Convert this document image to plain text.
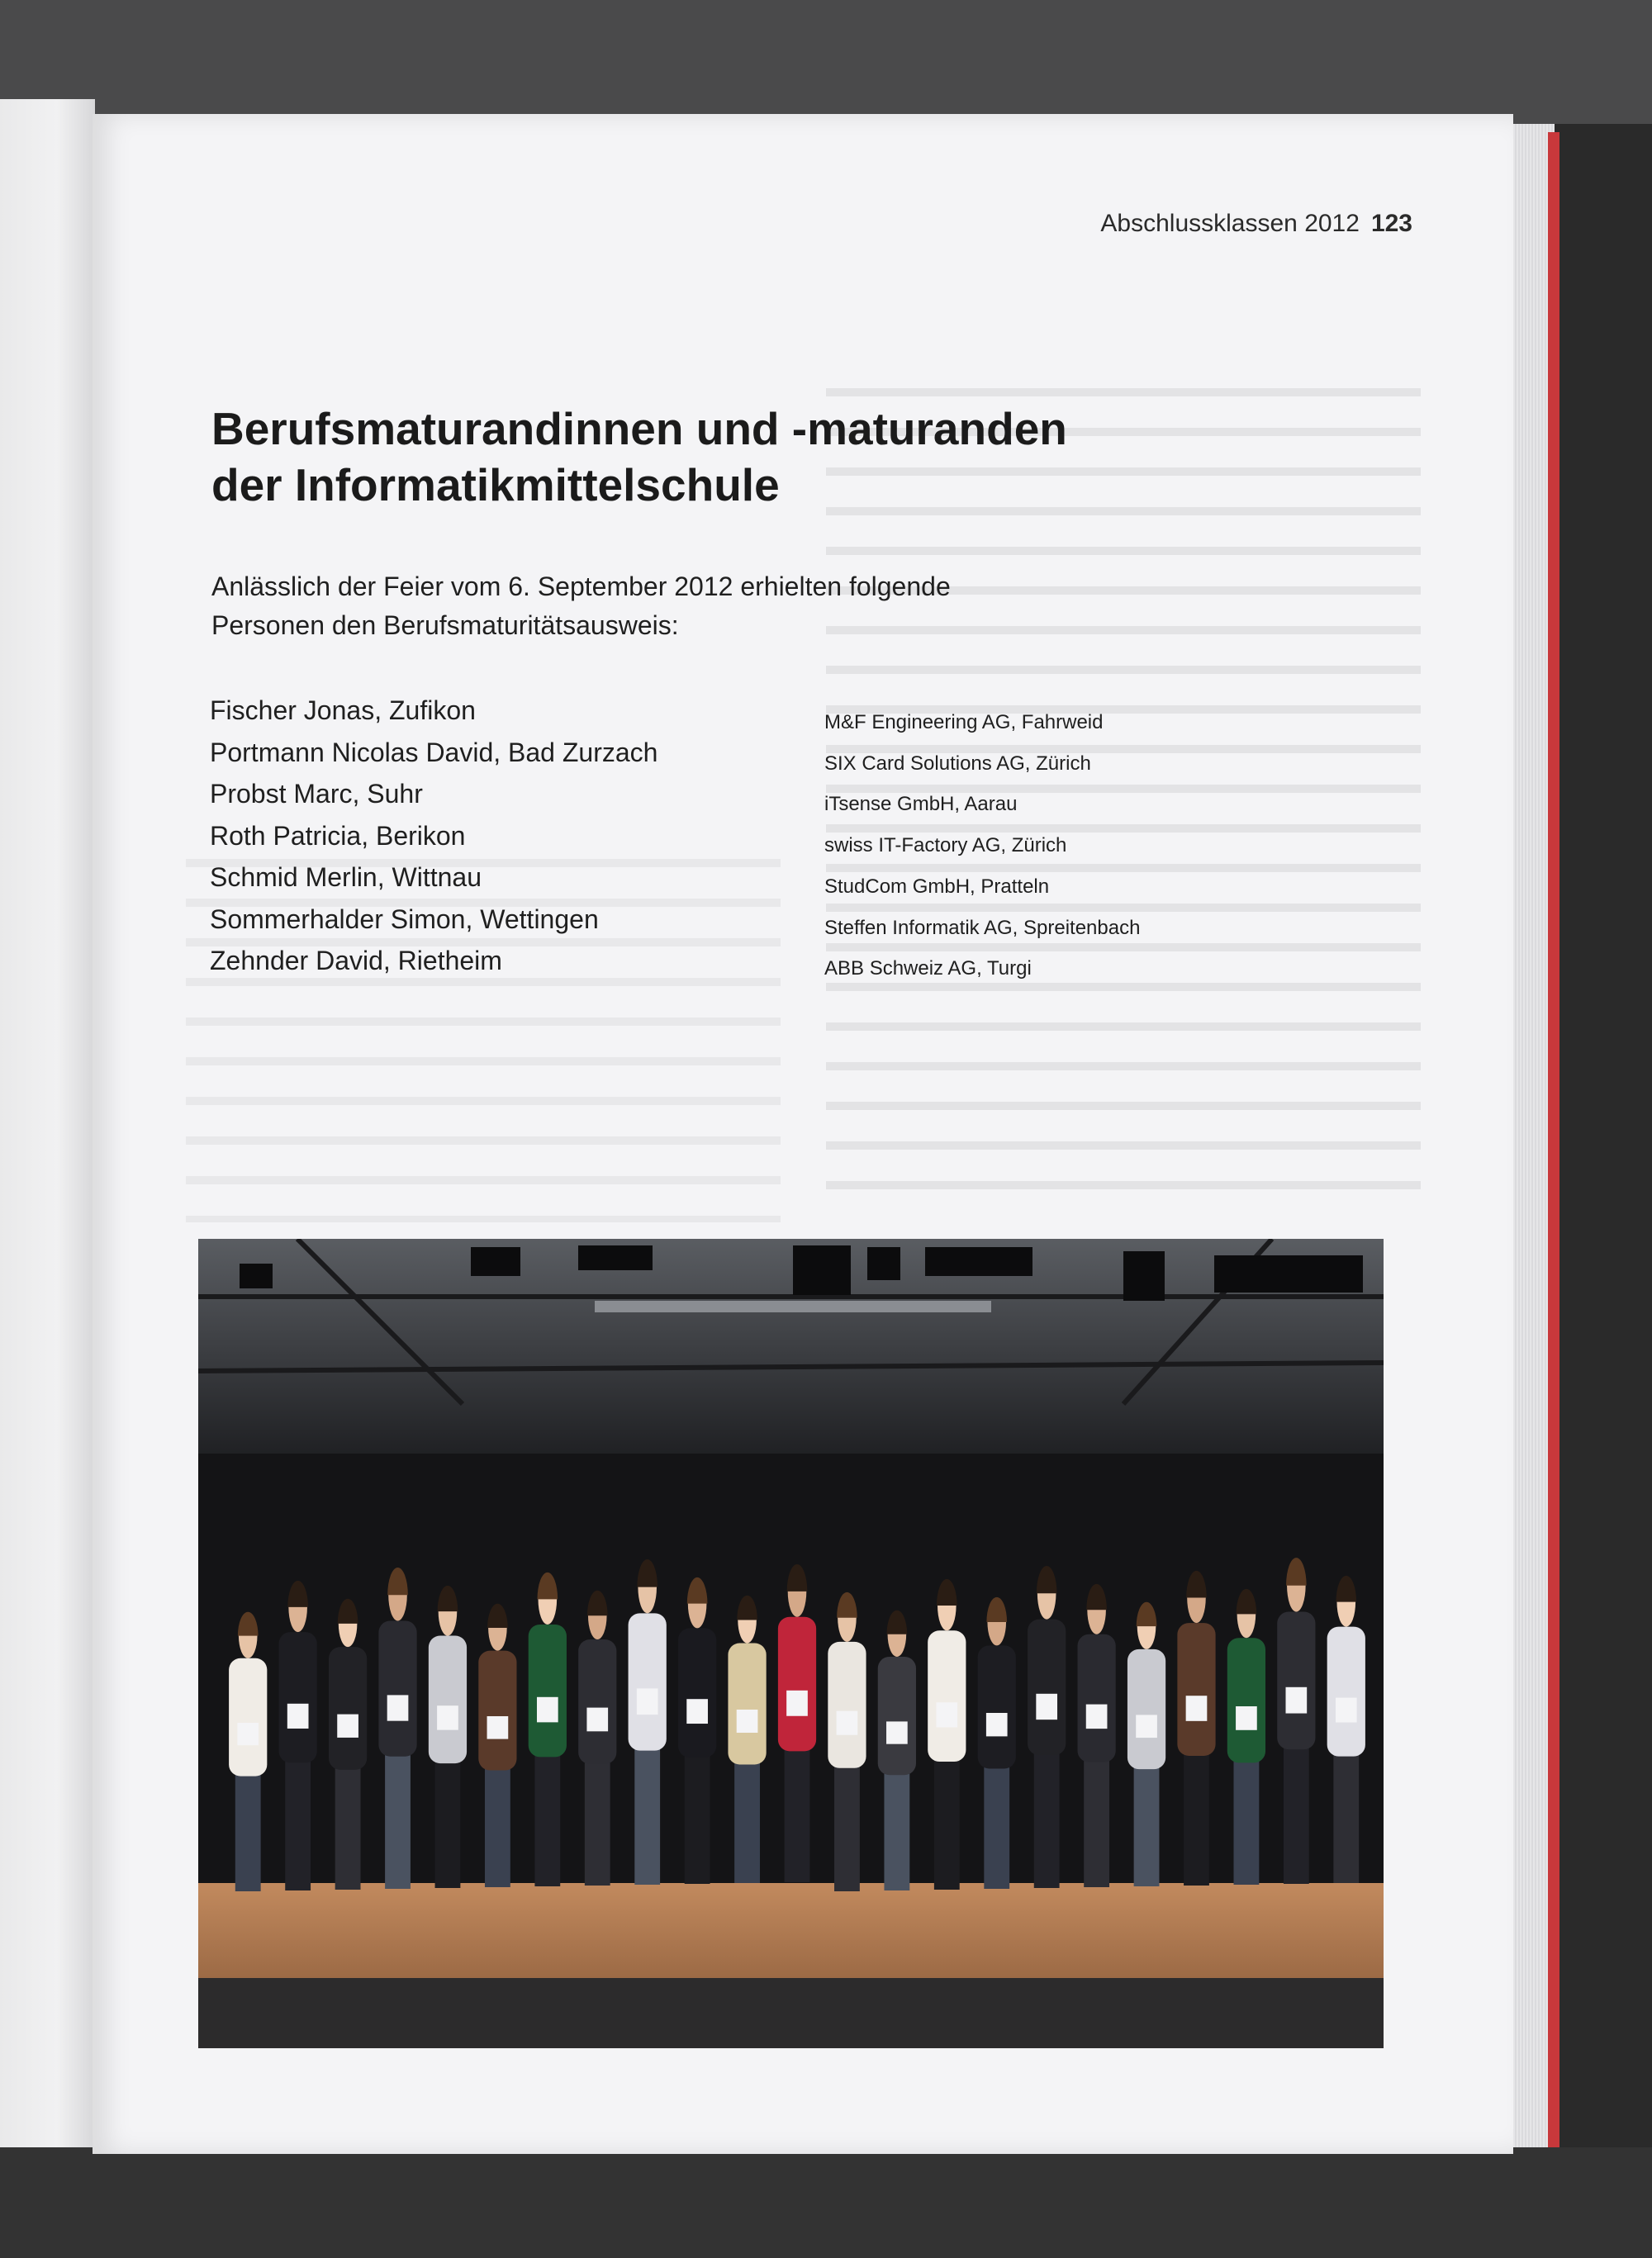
Abschlussklassen 2012 123
Berufsmaturandinnen und -maturanden
der Informatikmittelschule

Anlässlich der Feier vom 6. September 2012 erhielten folgende
Personen den Berufsmaturitätsausweis:

Fischer Jonas, Zufikon
Portmann Nicolas David, Bad Zurzach
Probst Marc, Suhr
Roth Patricia, Berikon
Schmid Merlin, Wittnau
Sommerhalder Simon, Wettingen
Zehnder David, Rietheim
M&F Engineering AG, Fahrweid
SIX Card Solutions AG, Zürich
iTsense GmbH, Aarau
swiss IT-Factory AG, Zürich
StudCom GmbH, Pratteln
Steffen Informatik AG, Spreitenbach
ABB Schweiz AG, Turgi
